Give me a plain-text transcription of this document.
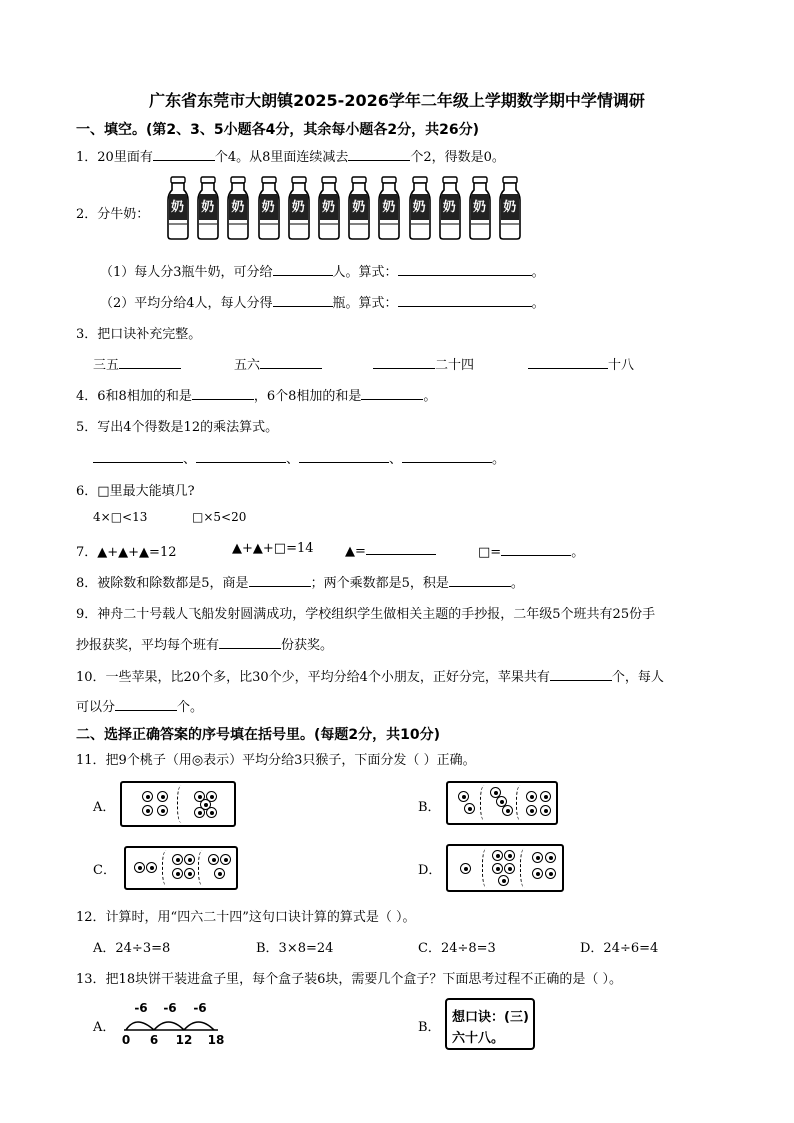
广东省东莞市大朗镇2025-2026学年二年级上学期数学期中学情调研
一、填空。(第2、3、5小题各4分，其余每小题各2分，共26分)
1．20里面有	个4。从8里面连续减去	个2，得数是0。
2．分牛奶： 奶 奶 奶 奶 奶 奶 奶 奶 奶 奶 奶 奶
（1）每人分3瓶牛奶，可分给	人。算式：	。
（2）平均分给4人，每人分得	瓶。算式：	。
3．把口诀补充完整。
三五	五六	二十四	十八
4．6和8相加的和是	，6个8相加的和是	。
5．写出4个得数是12的乘法算式。
、	、	、	。
6．□里最大能填几?
4×□<13	□×5<20
7．▲+▲+▲=12	▲+▲+□=14 ▲=	□=	。
8．被除数和除数都是5，商是	；两个乘数都是5，积是	。
9．神舟二十号载人飞船发射圆满成功，学校组织学生做相关主题的手抄报，二年级5个班共有25份手
抄报获奖，平均每个班有	份获奖。
10．一些苹果，比20个多，比30个少，平均分给4个小朋友，正好分完，苹果共有	个，每人
可以分	个。
二、选择正确答案的序号填在括号里。(每题2分，共10分)
11．把9个桃子（用◎表示）平均分给3只猴子，下面分发（ ）正确。
A．	B．
C．	D．
12．计算时，用“四六二十四”这句口诀计算的算式是（ ）。
A．24÷3=8	B．3×8=24	C．24÷8=3	D．24÷6=4
13．把18块饼干装进盒子里，每个盒子装6块，需要几个盒子？下面思考过程不正确的是（ ）。
A．
-6 -6 -6
0 6 12 18
B．
想口诀：(三)
六十八。
